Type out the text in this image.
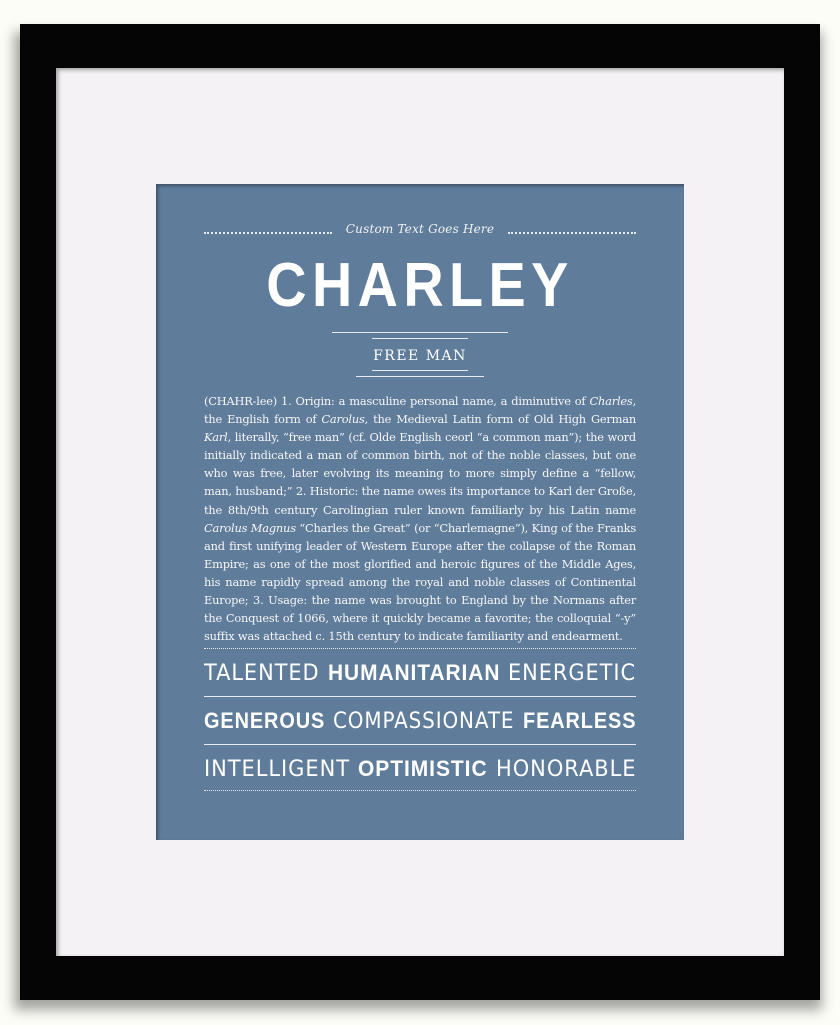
Custom Text Goes Here
CHARLEY
FREE MAN
(CHAHR-lee) 1. Origin: a masculine personal name, a diminutive of Charles, the English form of Carolus, the Medieval Latin form of Old High German Karl, literally, “free man” (cf. Olde English ceorl “a common man”); the word initially indicated a man of common birth, not of the noble classes, but one who was free, later evolving its meaning to more simply define a “fellow, man, husband;” 2. Historic: the name owes its importance to Karl der Große, the 8th/9th century Carolingian ruler known familiarly by his Latin name Carolus Magnus “Charles the Great” (or “Charlemagne”), King of the Franks and first unifying leader of Western Europe after the collapse of the Roman Empire; as one of the most glorified and heroic figures of the Middle Ages, his name rapidly spread among the royal and noble classes of Continental Europe; 3. Usage: the name was brought to England by the Normans after the Conquest of 1066, where it quickly became a favorite; the colloquial “-y” suffix was attached c. 15th century to indicate familiarity and endearment.
TALENTED HUMANITARIAN ENERGETIC
GENEROUS COMPASSIONATE FEARLESS
INTELLIGENT OPTIMISTIC HONORABLE
